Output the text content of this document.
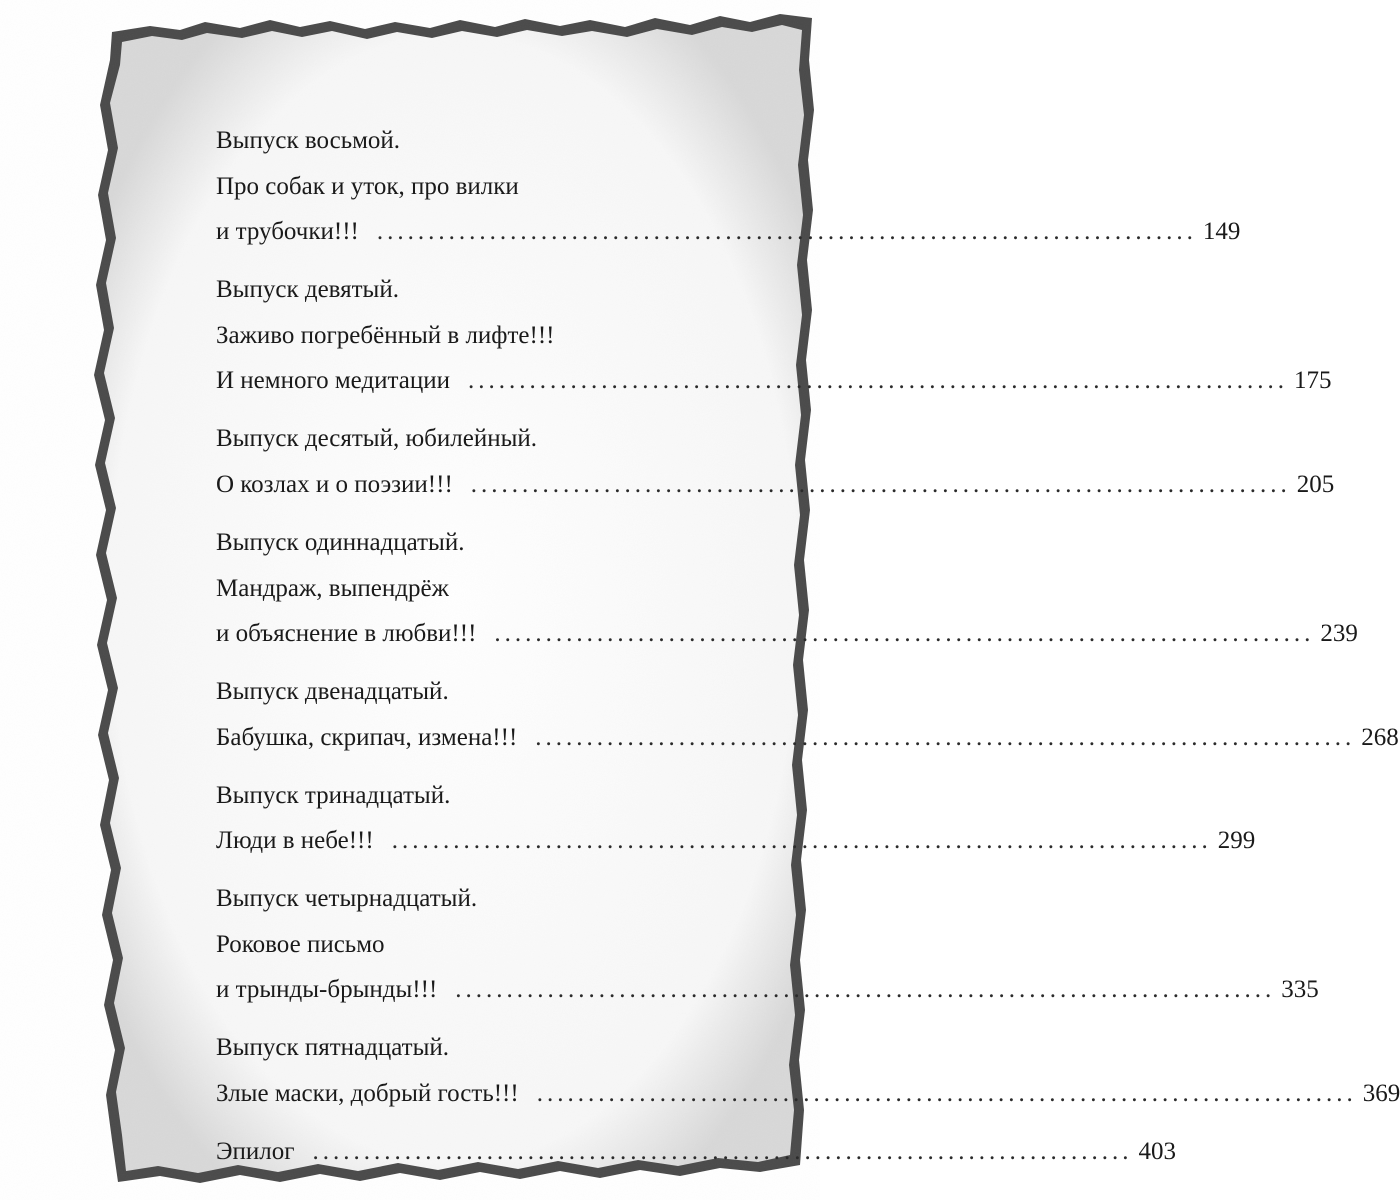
Выпуск восьмой.
Про собак и уток, про вилки
и трубочки!!! ................................................................................ 149
Выпуск девятый.
Заживо погребённый в лифте!!!
И немного медитации ................................................................................ 175
Выпуск десятый, юбилейный.
О козлах и о поэзии!!! ................................................................................ 205
Выпуск одиннадцатый.
Мандраж, выпендрёж
и объяснение в любви!!! ................................................................................ 239
Выпуск двенадцатый.
Бабушка, скрипач, измена!!! ................................................................................ 268
Выпуск тринадцатый.
Люди в небе!!! ................................................................................ 299
Выпуск четырнадцатый.
Роковое письмо
и трынды-брынды!!! ................................................................................ 335
Выпуск пятнадцатый.
Злые маски, добрый гость!!! ................................................................................ 369
Эпилог ................................................................................ 403
